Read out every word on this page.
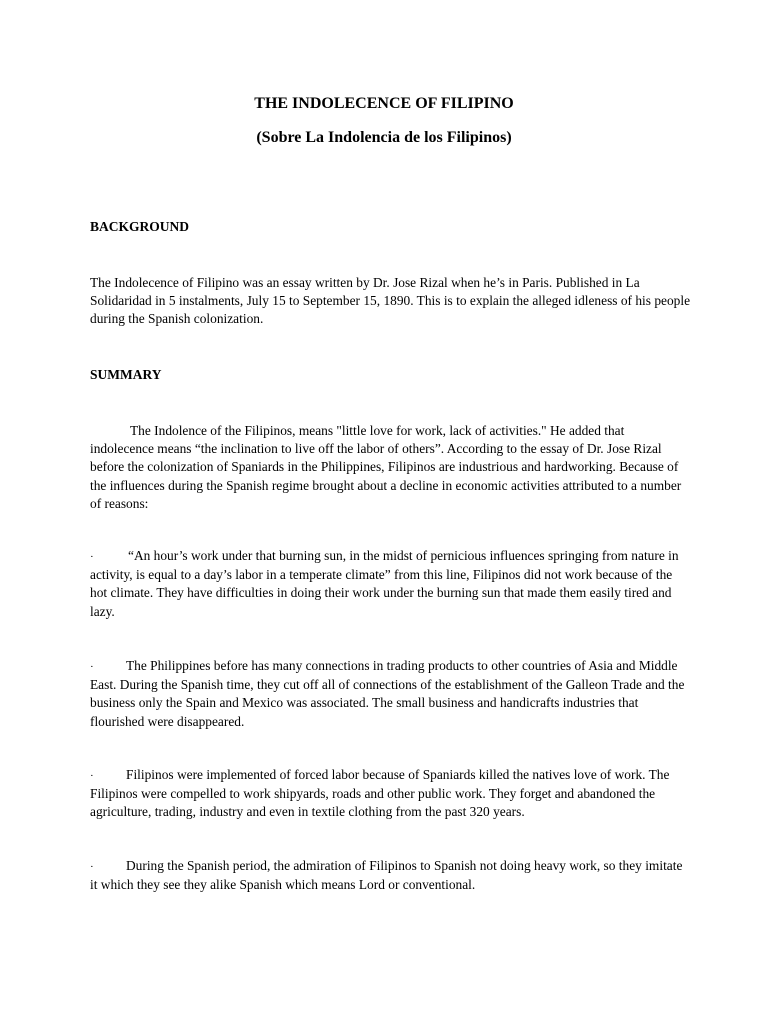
THE INDOLECENCE OF FILIPINO
(Sobre La Indolencia de los Filipinos)
BACKGROUND

The Indolecence of Filipino was an essay written by Dr. Jose Rizal when he’s in Paris. Published in La Solidaridad in 5 instalments, July 15 to September 15, 1890. This is to explain the alleged idleness of his people during the Spanish colonization.

SUMMARY

The Indolence of the Filipinos, means "little love for work, lack of activities." He added that indolecence means “the inclination to live off the labor of others”. According to the essay of Dr. Jose Rizal before the colonization of Spaniards in the Philippines, Filipinos are industrious and hardworking. Because of the influences during the Spanish regime brought about a decline in economic activities attributed to a number of reasons:

·	“An hour’s work under that burning sun, in the midst of pernicious influences springing from nature in activity, is equal to a day’s labor in a temperate climate” from this line, Filipinos did not work because of the hot climate. They have difficulties in doing their work under the burning sun that made them easily tired and lazy.

· The Philippines before has many connections in trading products to other countries of Asia and Middle East. During the Spanish time, they cut off all of connections of the establishment of the Galleon Trade and the business only the Spain and Mexico was associated. The small business and handicrafts industries that flourished were disappeared.

· Filipinos were implemented of forced labor because of Spaniards killed the natives love of work. The Filipinos were compelled to work shipyards, roads and other public work. They forget and abandoned the agriculture, trading, industry and even in textile clothing from the past 320 years.

· During the Spanish period, the admiration of Filipinos to Spanish not doing heavy work, so they imitate it which they see they alike Spanish which means Lord or conventional.
